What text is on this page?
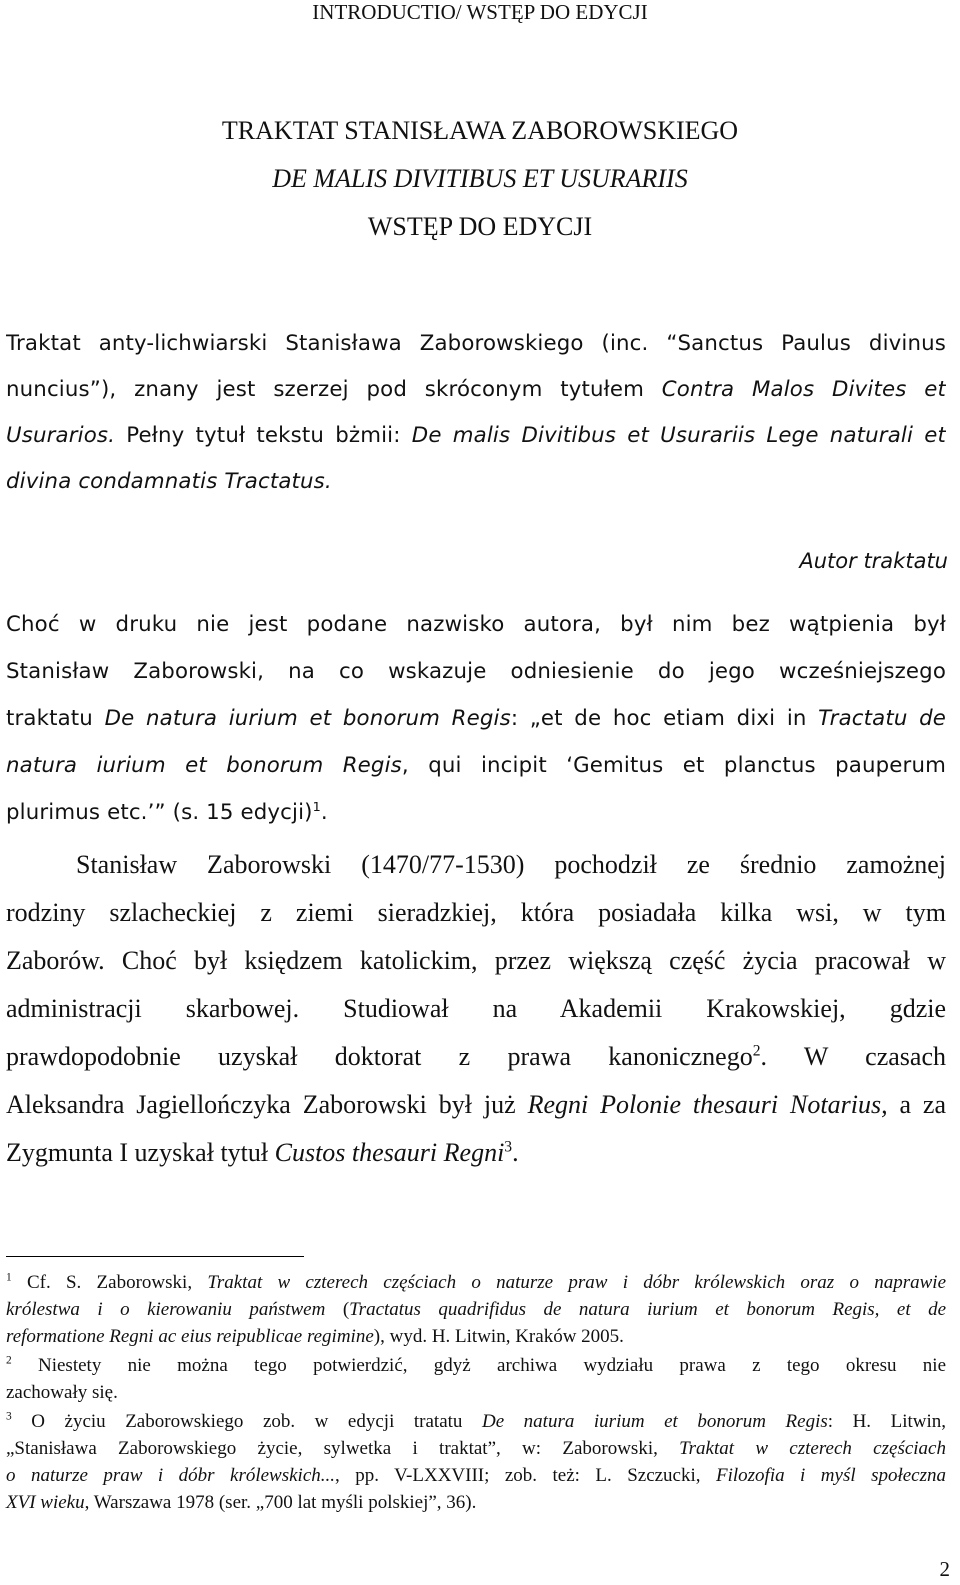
INTRODUCTIO/ WSTĘP DO EDYCJI
TRAKTAT STANISŁAWA ZABOROWSKIEGO
DE MALIS DIVITIBUS ET USURARIIS
WSTĘP DO EDYCJI
Traktat anty-lichwiarski Stanisława Zaborowskiego (inc. “Sanctus Paulus divinus
nuncius”), znany jest szerzej pod skróconym tytułem Contra Malos Divites et
Usurarios. Pełny tytuł tekstu bżmii: De malis Divitibus et Usurariis Lege naturali et
divina condamnatis Tractatus.
Autor traktatu
Choć w druku nie jest podane nazwisko autora, był nim bez wątpienia był
Stanisław Zaborowski, na co wskazuje odniesienie do jego wcześniejszego
traktatu De natura iurium et bonorum Regis: „et de hoc etiam dixi in Tractatu de
natura iurium et bonorum Regis, qui incipit ‘Gemitus et planctus pauperum
plurimus etc.’” (s. 15 edycji)$^1$.
Stanisław Zaborowski (1470/77-1530) pochodził ze średnio zamożnej
rodziny szlacheckiej z ziemi sieradzkiej, która posiadała kilka wsi, w tym
Zaborów. Choć był księdzem katolickim, przez większą część życia pracował w
administracji skarbowej. Studiował na Akademii Krakowskiej, gdzie
prawdopodobnie uzyskał doktorat z prawa kanonicznego$^2$. W czasach
Aleksandra Jagiellończyka Zaborowski był już Regni Polonie thesauri Notarius, a za
Zygmunta I uzyskał tytuł Custos thesauri Regni$^3$.
$^1$ Cf. S. Zaborowski, Traktat w czterech częściach o naturze praw i dóbr królewskich oraz o naprawie
królestwa i o kierowaniu państwem (Tractatus quadrifidus de natura iurium et bonorum Regis, et de
reformatione Regni ac eius reipublicae regimine), wyd. H. Litwin, Kraków 2005.
$^2$ Niestety nie można tego potwierdzić, gdyż archiwa wydziału prawa z tego okresu nie
zachowały się.
$^3$ O życiu Zaborowskiego zob. w edycji tratatu De natura iurium et bonorum Regis: H. Litwin,
„Stanisława Zaborowskiego życie, sylwetka i traktat”, w: Zaborowski, Traktat w czterech częściach
o naturze praw i dóbr królewskich..., pp. V-LXXVIII; zob. też: L. Szczucki, Filozofia i myśl społeczna
XVI wieku, Warszawa 1978 (ser. „700 lat myśli polskiej”, 36).
2
